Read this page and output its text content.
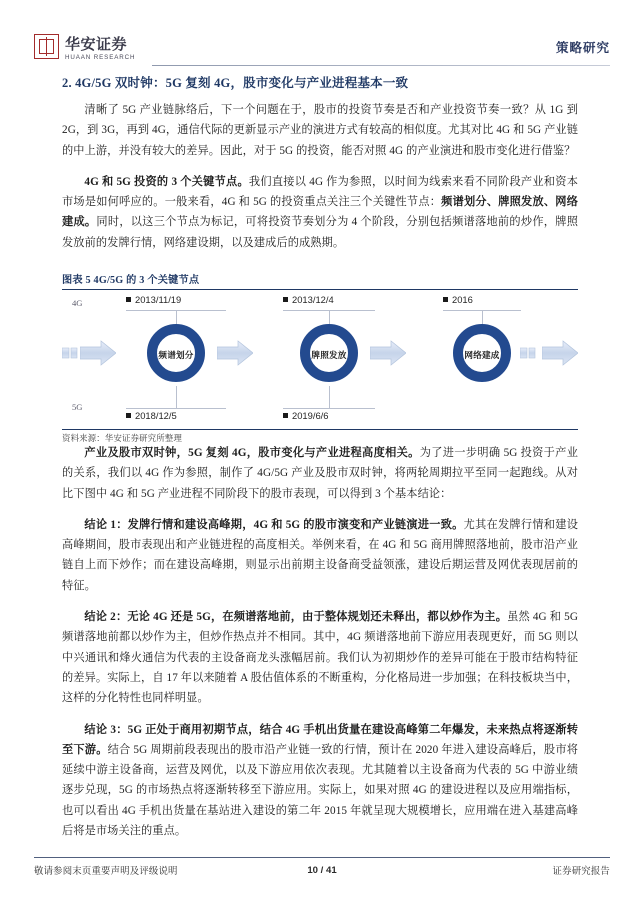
华安证券
HUAAN RESEARCH
策略研究
2. 4G/5G 双时钟：5G 复刻 4G，股市变化与产业进程基本一致

清晰了 5G 产业链脉络后，下一个问题在于，股市的投资节奏是否和产业投资节奏一致？从 1G 到 2G，到 3G，再到 4G，通信代际的更新显示产业的演进方式有较高的相似度。尤其对比 4G 和 5G 产业链的中上游，并没有较大的差异。因此，对于 5G 的投资，能否对照 4G 的产业演进和股市变化进行借鉴？

4G 和 5G 投资的 3 个关键节点。我们直接以 4G 作为参照，以时间为线索来看不同阶段产业和资本市场是如何呼应的。一般来看，4G 和 5G 的投资重点关注三个关键性节点：频谱划分、牌照发放、网络建成。同时，以这三个节点为标记，可将投资节奏划分为 4 个阶段，分别包括频谱落地前的炒作，牌照发放前的发牌行情，网络建设期，以及建成后的成熟期。

图表 5 4G/5G 的 3 个关键节点
4G	2013/11/19	2013/12/4	2016
频谱划分	牌照发放	网络建成
5G
2018/12/5	2019/6/6
资料来源：华安证券研究所整理

产业及股市双时钟，5G 复刻 4G，股市变化与产业进程高度相关。为了进一步明确 5G 投资于产业的关系，我们以 4G 作为参照，制作了 4G/5G 产业及股市双时钟，将两轮周期拉平至同一起跑线。从对比下图中 4G 和 5G 产业进程不同阶段下的股市表现，可以得到 3 个基本结论：

结论 1：发牌行情和建设高峰期，4G 和 5G 的股市演变和产业链演进一致。尤其在发牌行情和建设高峰期间，股市表现出和产业链进程的高度相关。举例来看，在 4G 和 5G 商用牌照落地前，股市沿产业链自上而下炒作；而在建设高峰期，则显示出前期主设备商受益领涨，建设后期运营及网优表现居前的特征。

结论 2：无论 4G 还是 5G，在频谱落地前，由于整体规划还未释出，都以炒作为主。虽然 4G 和 5G 频谱落地前都以炒作为主，但炒作热点并不相同。其中，4G 频谱落地前下游应用表现更好，而 5G 则以中兴通讯和烽火通信为代表的主设备商龙头涨幅居前。我们认为初期炒作的差异可能在于股市结构特征的差异。实际上，自 17 年以来随着 A 股估值体系的不断重构，分化格局进一步加强；在科技板块当中，这样的分化特性也同样明显。

结论 3：5G 正处于商用初期节点，结合 4G 手机出货量在建设高峰第二年爆发，未来热点将逐渐转至下游。结合 5G 周期前段表现出的股市沿产业链一致的行情，预计在 2020 年进入建设高峰后，股市将延续中游主设备商，运营及网优，以及下游应用依次表现。尤其随着以主设备商为代表的 5G 中游业绩逐步兑现，5G 的市场热点将逐渐转移至下游应用。实际上，如果对照 4G 的建设进程以及应用端指标，也可以看出 4G 手机出货量在基站进入建设的第二年 2015 年就呈现大规模增长，应用端在进入基建高峰后将是市场关注的重点。

敬请参阅末页重要声明及评级说明	10 / 41	证券研究报告
